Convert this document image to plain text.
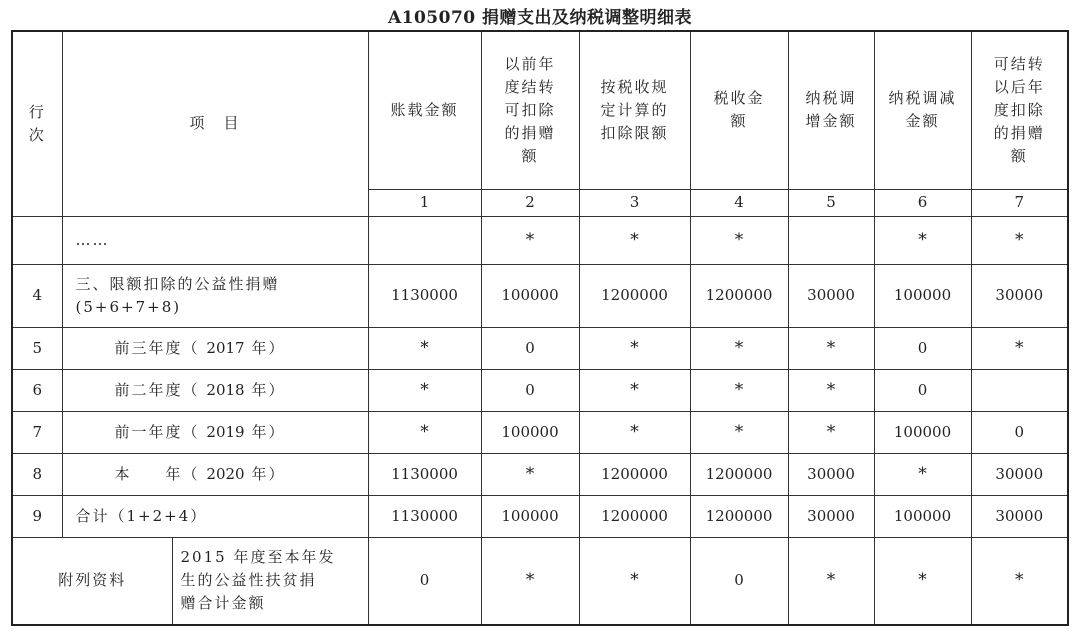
A105070 捐赠支出及纳税调整明细表
行
次	项　目		账载金额	以前年
度结转
可扣除
的捐赠
额	按税收规
定计算的
扣除限额	税收金
额	纳税调
增金额	纳税调减
金额	可结转
以后年
度扣除
的捐赠
额

			1	2	3	4	5	6	7
	……			*	*	*		*	*
4	三、限额扣除的公益性捐赠
(5+6+7+8)		1130000	100000	1200000	1200000	30000	100000	30000
5	前三年度（ 2017 年）		*	0	*	*	*	0	*
6	前二年度（ 2018 年）		*	0	*	*	*	0	
7	前一年度（ 2019 年）		*	100000	*	*	*	100000	0
8	本　　年（ 2020 年）		1130000	*	1200000	1200000	30000	*	30000
9	合计（1+2+4）		1130000	100000	1200000	1200000	30000	100000	30000
附列资料		2015 年度至本年发
生的公益性扶贫捐
赠合计金额	0	*	*	0	*	*	*
